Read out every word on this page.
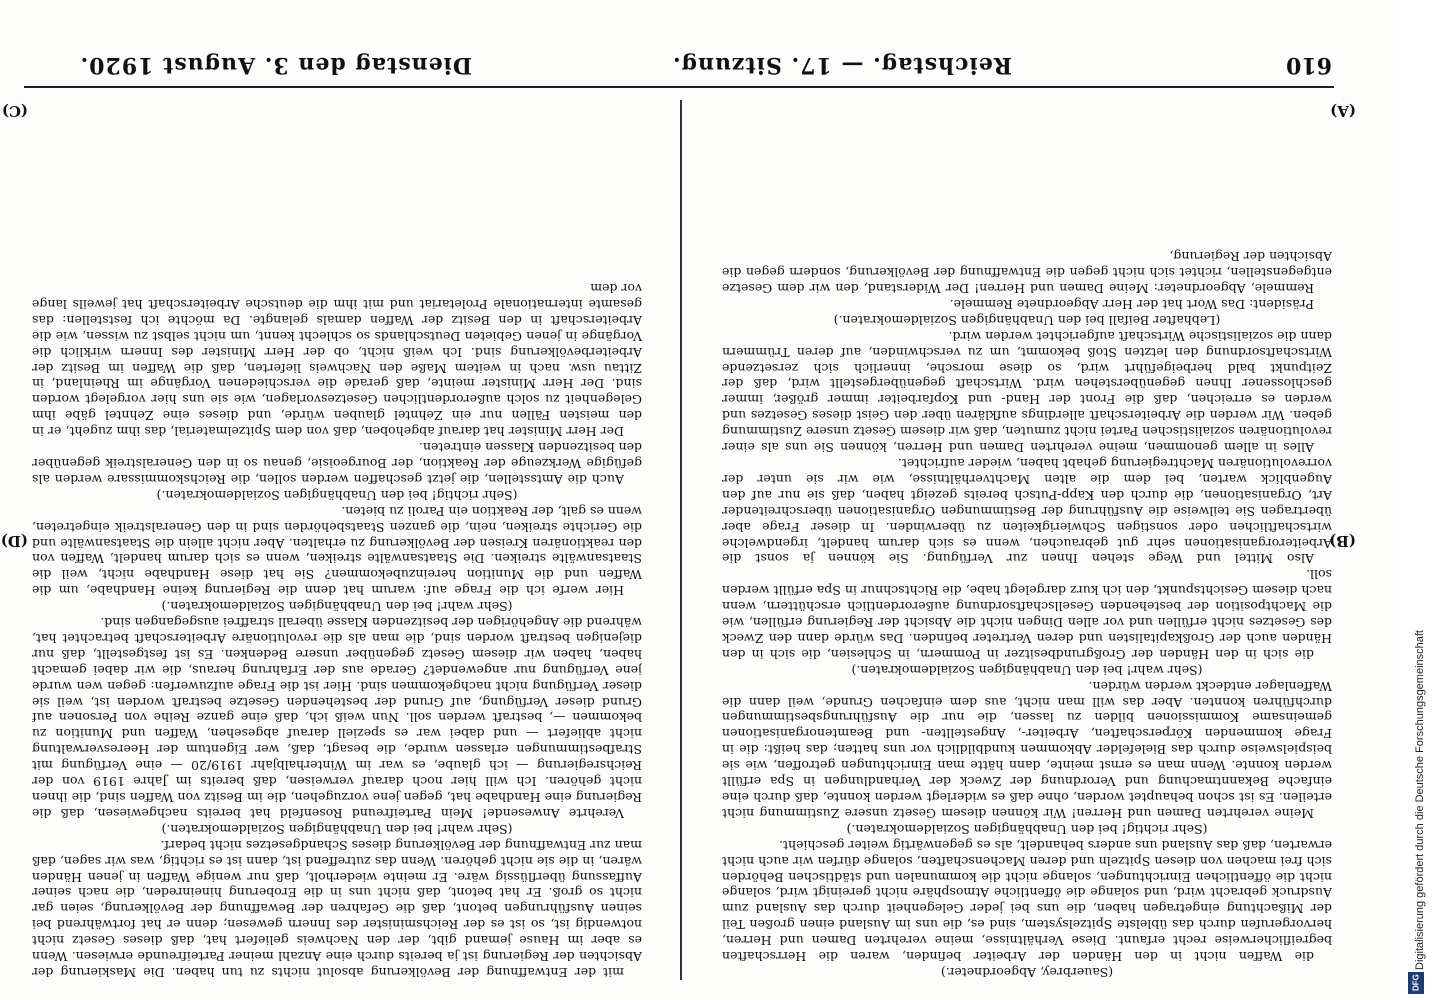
610
Reichstag. — 17. Sitzung.
Dienstag den 3. August 1920.
(A)
(B)
(C)
(D)

(Sauerbrey, Abgeordneter.)

die Waffen nicht in den Händen der Arbeiter befinden, waren die Herrschaften begreiflicherweise recht erfaunt. Diese Verhältnisse, meine verehrten Damen und Herren, hervorgerufen durch das üblelste Spitzelsystem, sind es, die uns im Ausland einen großen Teil der Mißachtung eingetragen haben, die uns bei jeder Gelegenheit durch das Ausland zum Ausdruck gebracht wird, und solange die öffentliche Atmosphäre nicht gereinigt wird, solange nicht die öffentlichen Einrichtungen, solange nicht die kommunalen und städtischen Behörden sich frei machen von diesen Spitzeln und deren Machenschaften, solange dürfen wir auch nicht erwarten, daß das Ausland uns anders behandelt, als es gegenwärtig weiter geschieht.

(Sehr richtig! bei den Unabhängigen Sozialdemokraten.)

Meine verehrten Damen und Herren! Wir können diesem Gesetz unsere Zustimmung nicht erteilen. Es ist schon behauptet worden, ohne daß es widerlegt werden konnte, daß durch eine einfache Bekanntmachung und Verordnung der Zweck der Verhandlungen in Spa erfüllt werden konnte. Wenn man es ernst meinte, dann hätte man Einrichtungen getroffen, wie sie beispielsweise durch das Bielefelder Abkommen kundbildlich vor uns hatten; das heißt: die in Frage kommenden Körperschaften, Arbeiter-, Angestellten- und Beamtenorganisationen gemeinsame Kommissionen bilden zu lassen, die nur die Ausführungsbestimmungen durchführen konnten. Aber das will man nicht, aus dem einfachen Grunde, weil dann die Waffenlager entdeckt werden würden.

(Sehr wahr! bei den Unabhängigen Sozialdemokraten.)

die sich in den Händen der Großgrundbesitzer in Pommern, in Schlesien, die sich in den Händen auch der Großkapitalisten und deren Vertreter befinden. Das würde dann den Zweck des Gesetzes nicht erfüllen und vor allen Dingen nicht die Absicht der Regierung erfüllen, wie die Machtposition der bestehenden Gesellschaftsordnung außerordentlich erschüttern, wenn nach diesem Gesichtspunkt, den ich kurz dargelegt habe, die Richtschnur in Spa erfüllt werden soll.

Also Mittel und Wege stehen Ihnen zur Verfügung. Sie können ja sonst die Arbeiterorganisationen sehr gut gebrauchen, wenn es sich darum handelt, irgendwelche wirtschaftlichen oder sonstigen Schwierigkeiten zu überwinden. In dieser Frage aber übertragen Sie teilweise die Ausführung der Bestimmungen Organisationen überschreitender Art, Organisationen, die durch den Kapp-Putsch bereits gezeigt haben, daß sie nur auf den Augenblick warten, bei dem die alten Machtverhältnisse, wie wir sie unter der vorrevolutionären Machtregierung gehabt haben, wieder aufrichtet.

Alles in allem genommen, meine verehrten Damen und Herren, können Sie uns als einer revolutionären sozialistischen Partei nicht zumuten, daß wir diesem Gesetz unsere Zustimmung geben. Wir werden die Arbeiterschaft allerdings aufklären über den Geist dieses Gesetzes und werden es erreichen, daß die Front der Hand- und Kopfarbeiter immer größer, immer geschlossener Ihnen gegenüberstehen wird. Wirtschaft gegenübergestellt wird, daß der Zeitpunkt bald herbeigeführt wird, so diese morsche, innerlich sich zersetzende Wirtschaftsordnung den letzten Stoß bekommt, um zu verschwinden, auf deren Trümmern dann die sozialistische Wirtschaft aufgerichtet werden wird.

(Lebhafter Beifall bei den Unabhängigen Sozialdemokraten.)

Präsident: Das Wort hat der Herr Abgeordnete Remmele.

Remmele, Abgeordneter: Meine Damen und Herren! Der Widerstand, den wir dem Gesetze entgegenstellen, richtet sich nicht gegen die Entwaffnung der Bevölkerung, sondern gegen die Absichten der Regierung,

mit der Entwaffnung der Bevölkerung absolut nichts zu tun haben. Die Maskierung der Absichten der Regierung ist ja bereits durch eine Anzahl meiner Parteifreunde erwiesen. Wenn es aber im Hause jemand gibt, der den Nachweis geliefert hat, daß dieses Gesetz nicht notwendig ist, so ist es der Reichsminister des Innern gewesen; denn er hat fortwährend bei seinen Ausführungen betont, daß die Gefahren der Bewaffnung der Bevölkerung, seien gar nicht so groß. Er hat betont, daß nicht uns in die Eroberung hineinreden, die nach seiner Auffassung überflüssig wäre. Er meinte wiederholt, daß nur wenige Waffen in jenen Händen wären, in die sie nicht gehören. Wenn das zutreffend ist, dann ist es richtig, was wir sagen, daß man zur Entwaffnung der Bevölkerung dieses Schandgesetzes nicht bedarf.

(Sehr wahr! bei den Unabhängigen Sozialdemokraten.)

Verehrte Anwesende! Mein Parteifreund Rosenfeld hat bereits nachgewiesen, daß die Regierung eine Handhabe hat, gegen jene vorzugehen, die im Besitz von Waffen sind, die ihnen nicht gehören. Ich will hier noch darauf verweisen, daß bereits im Jahre 1919 von der Reichsregierung — ich glaube, es war im Winterhalbjahr 1919/20 — eine Verfügung mit Strafbestimmungen erlassen wurde, die besagt, daß, wer Eigentum der Heeresverwaltung nicht abliefert — und dabei war es speziell darauf abgesehen, Waffen und Munition zu bekommen —, bestraft werden soll. Nun weiß ich, daß eine ganze Reihe von Personen auf Grund dieser Verfügung, auf Grund der bestehenden Gesetze bestraft worden ist, weil sie dieser Verfügung nicht nachgekommen sind. Hier ist die Frage aufzuwerfen: gegen wen wurde jene Verfügung nur angewendet? Gerade aus der Erfahrung heraus, die wir dabei gemacht haben, haben wir diesem Gesetz gegenüber unsere Bedenken. Es ist festgestellt, daß nur diejenigen bestraft worden sind, die man als die revolutionäre Arbeiterschaft betrachtet hat, während die Angehörigen der besitzenden Klasse überall straffrei ausgegangen sind.

(Sehr wahr! bei den Unabhängigen Sozialdemokraten.)

Hier werfe ich die Frage auf: warum hat denn die Regierung keine Handhabe, um die Waffen und die Munition hereinzubekommen? Sie hat diese Handhabe nicht, weil die Staatsanwälte streiken. Die Staatsanwälte streiken, wenn es sich darum handelt, Waffen von den reaktionären Kreisen der Bevölkerung zu erhalten. Aber nicht allein die Staatsanwälte und die Gerichte streiken, nein, die ganzen Staatsbehörden sind in den Generalstreik eingetreten, wenn es galt, der Reaktion ein Paroli zu bieten.

(Sehr richtig! bei den Unabhängigen Sozialdemokraten.)

Auch die Amtsstellen, die jetzt geschaffen werden sollen, die Reichskommissare werden als gefügige Werkzeuge der Reaktion, der Bourgeoisie, genau so in den Generalstreik gegenüber den besitzenden Klassen eintreten.

Der Herr Minister hat darauf abgehoben, daß von dem Spitzelmaterial, das ihm zugeht, er in den meisten Fällen nur ein Zehntel glauben würde, und dieses eine Zehntel gäbe ihm Gelegenheit zu solch außerordentlichen Gesetzesvorlagen, wie sie uns hier vorgelegt worden sind. Der Herr Minister meinte, daß gerade die verschiedenen Vorgänge im Rheinland, in Zittau usw. nach in weitem Maße den Nachweis lieferten, daß die Waffen im Besitz der Arbeiterbevölkerung sind. Ich weiß nicht, ob der Herr Minister des Innern wirklich die Vorgänge in jenen Gebieten Deutschlands so schlecht kennt, um nicht selbst zu wissen, wie die Arbeiterschaft in den Besitz der Waffen damals gelangte. Da möchte ich feststellen: das gesamte internationale Proletariat und mit ihm die deutsche Arbeiterschaft hat jeweils lange vor dem

Digitalisierung gefördert durch die Deutsche Forschungsgemeinschaft
DFG
